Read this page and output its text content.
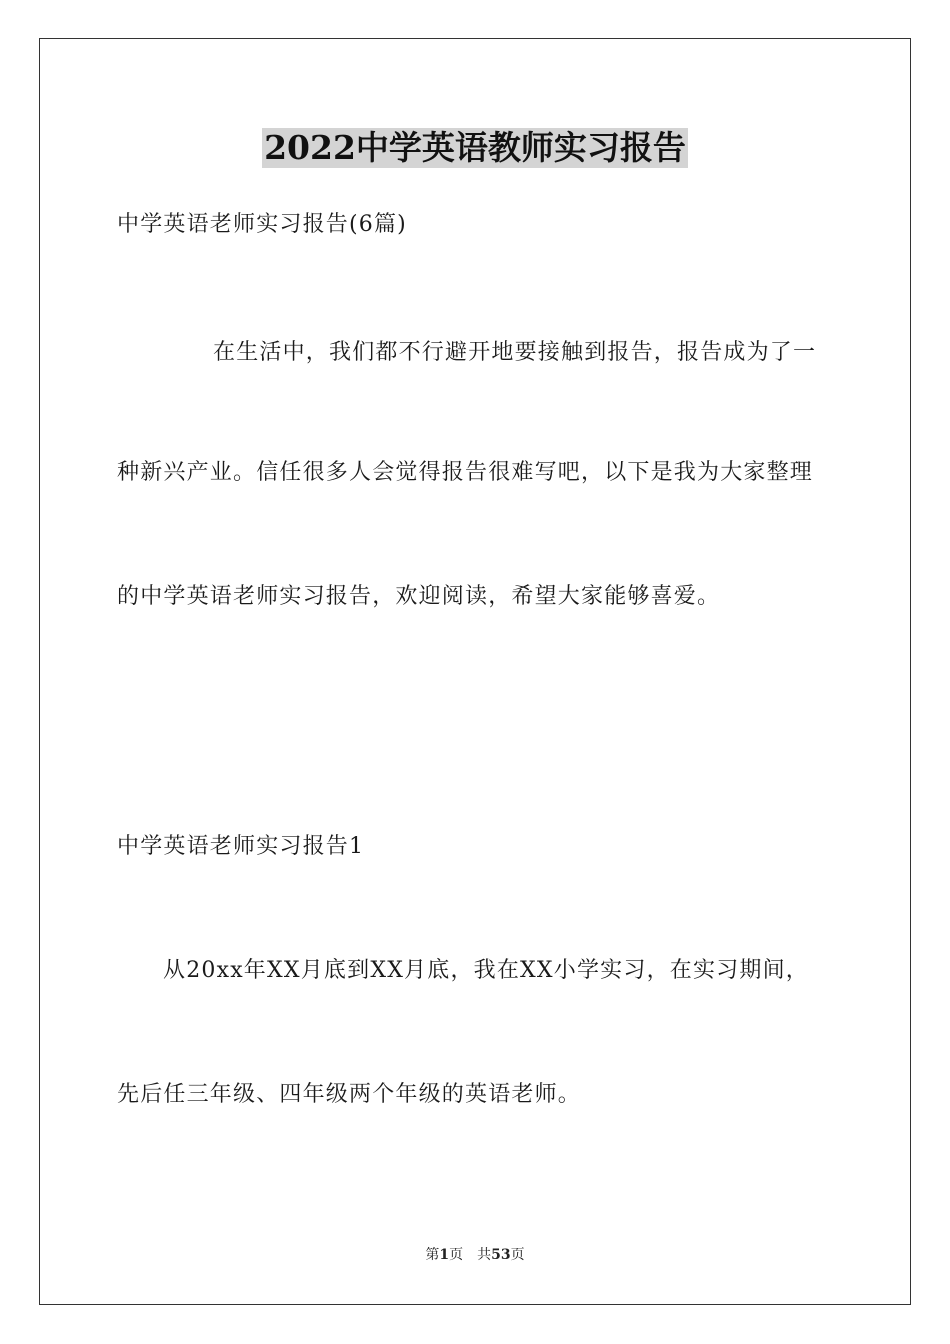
2022中学英语教师实习报告
中学英语老师实习报告(6篇)
在生活中，我们都不行避开地要接触到报告，报告成为了一
种新兴产业。信任很多人会觉得报告很难写吧，以下是我为大家整理
的中学英语老师实习报告，欢迎阅读，希望大家能够喜爱。
中学英语老师实习报告1
从20xx年XX月底到XX月底，我在XX小学实习，在实习期间，
先后任三年级、四年级两个年级的英语老师。
第1页 共53页
